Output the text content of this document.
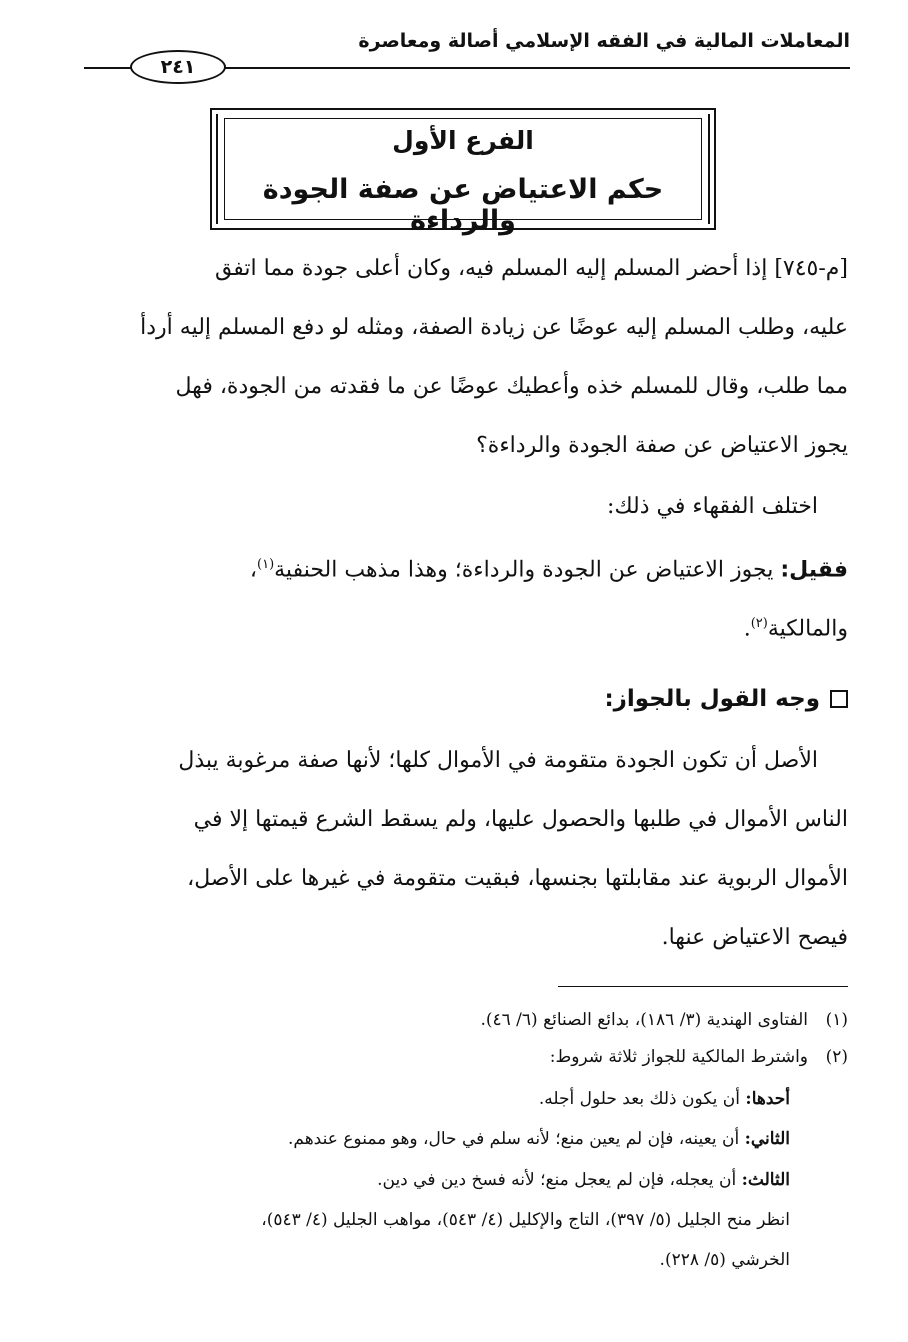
المعاملات المالية في الفقه الإسلامي أصالة ومعاصرة
٢٤١
الفرع الأول
حكم الاعتياض عن صفة الجودة والرداءة
[م-٧٤٥] إذا أحضر المسلم إليه المسلم فيه، وكان أعلى جودة مما اتفق
عليه، وطلب المسلم إليه عوضًا عن زيادة الصفة، ومثله لو دفع المسلم إليه أردأ
مما طلب، وقال للمسلم خذه وأعطيك عوضًا عن ما فقدته من الجودة، فهل
يجوز الاعتياض عن صفة الجودة والرداءة؟
اختلف الفقهاء في ذلك:
فقيل: يجوز الاعتياض عن الجودة والرداءة؛ وهذا مذهب الحنفية$^{(١)}$،
والمالكية$^{(٢)}$.
وجه القول بالجواز:
الأصل أن تكون الجودة متقومة في الأموال كلها؛ لأنها صفة مرغوبة يبذل
الناس الأموال في طلبها والحصول عليها، ولم يسقط الشرع قيمتها إلا في
الأموال الربوية عند مقابلتها بجنسها، فبقيت متقومة في غيرها على الأصل،
فيصح الاعتياض عنها.
(١)الفتاوى الهندية (٣/ ١٨٦)، بدائع الصنائع (٦/ ٤٦).
(٢)واشترط المالكية للجواز ثلاثة شروط:
أحدها: أن يكون ذلك بعد حلول أجله.
الثاني: أن يعينه، فإن لم يعين منع؛ لأنه سلم في حال، وهو ممنوع عندهم.
الثالث: أن يعجله، فإن لم يعجل منع؛ لأنه فسخ دين في دين.
انظر منح الجليل (٥/ ٣٩٧)، التاج والإكليل (٤/ ٥٤٣)، مواهب الجليل (٤/ ٥٤٣)،
الخرشي (٥/ ٢٢٨).
